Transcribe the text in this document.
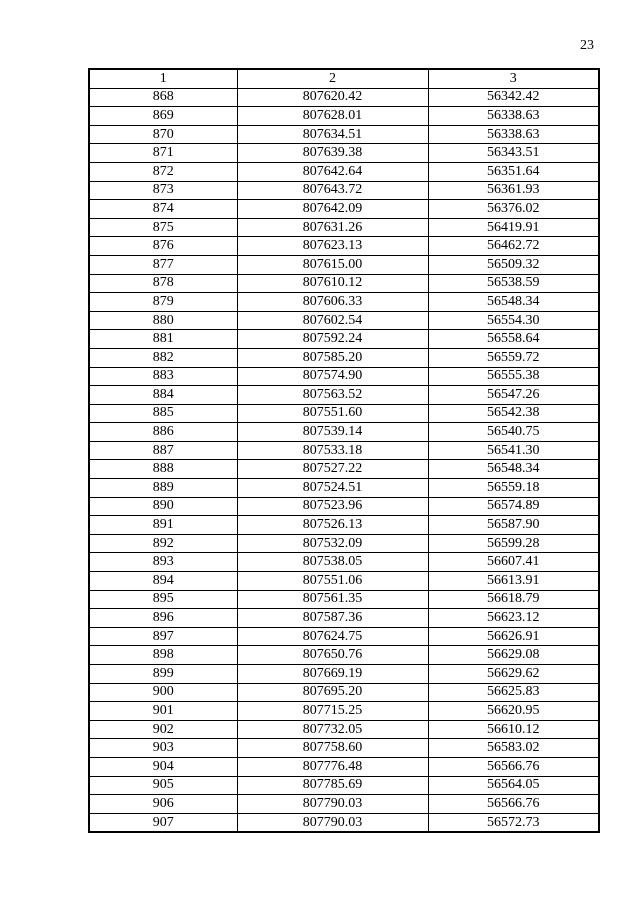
23
1	2	3
868	807620.42	56342.42
869	807628.01	56338.63
870	807634.51	56338.63
871	807639.38	56343.51
872	807642.64	56351.64
873	807643.72	56361.93
874	807642.09	56376.02
875	807631.26	56419.91
876	807623.13	56462.72
877	807615.00	56509.32
878	807610.12	56538.59
879	807606.33	56548.34
880	807602.54	56554.30
881	807592.24	56558.64
882	807585.20	56559.72
883	807574.90	56555.38
884	807563.52	56547.26
885	807551.60	56542.38
886	807539.14	56540.75
887	807533.18	56541.30
888	807527.22	56548.34
889	807524.51	56559.18
890	807523.96	56574.89
891	807526.13	56587.90
892	807532.09	56599.28
893	807538.05	56607.41
894	807551.06	56613.91
895	807561.35	56618.79
896	807587.36	56623.12
897	807624.75	56626.91
898	807650.76	56629.08
899	807669.19	56629.62
900	807695.20	56625.83
901	807715.25	56620.95
902	807732.05	56610.12
903	807758.60	56583.02
904	807776.48	56566.76
905	807785.69	56564.05
906	807790.03	56566.76
907	807790.03	56572.73
